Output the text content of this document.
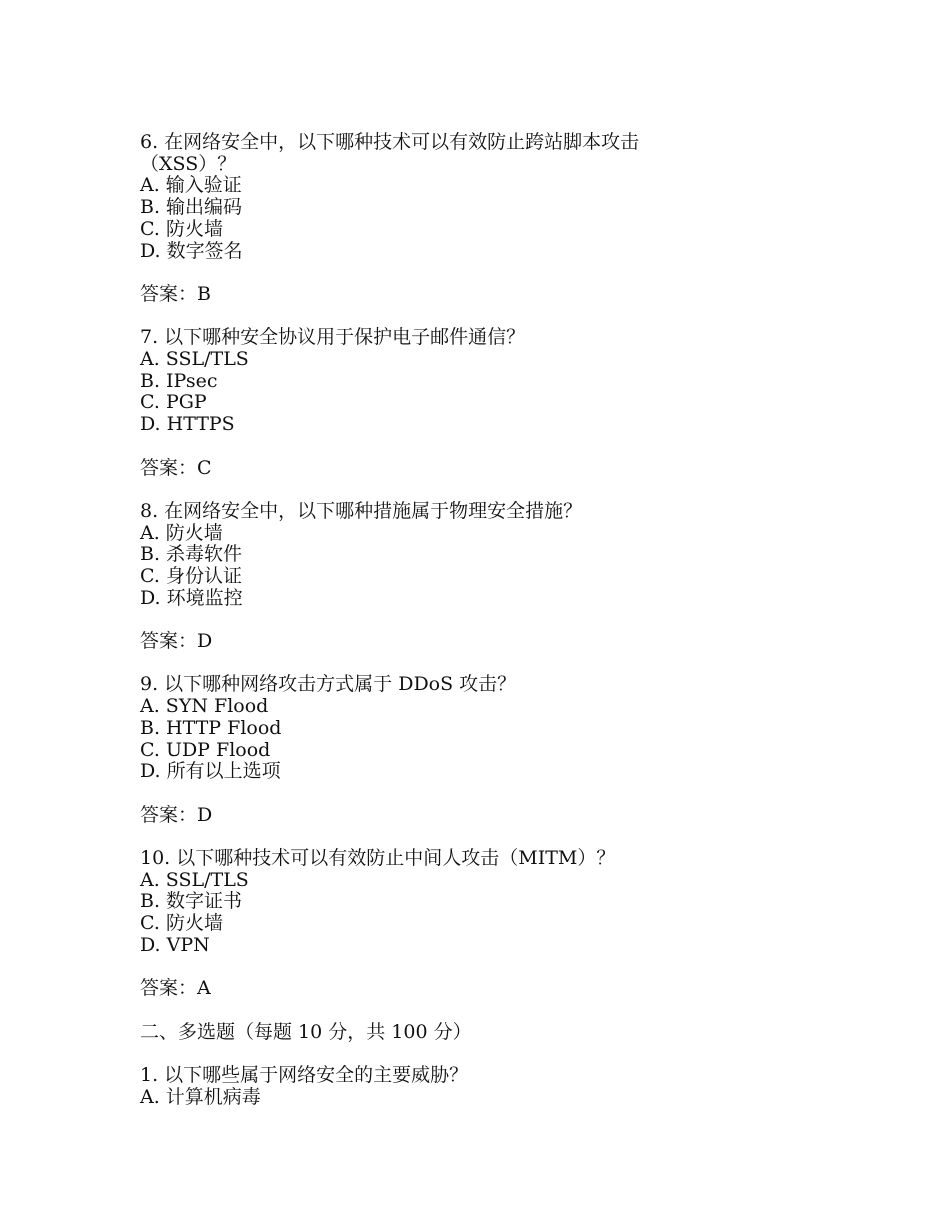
6. 在网络安全中，以下哪种技术可以有效防止跨站脚本攻击
（XSS）？
A. 输入验证
B. 输出编码
C. 防火墙
D. 数字签名
答案：B
7. 以下哪种安全协议用于保护电子邮件通信？
A. SSL/TLS
B. IPsec
C. PGP
D. HTTPS
答案：C
8. 在网络安全中，以下哪种措施属于物理安全措施？
A. 防火墙
B. 杀毒软件
C. 身份认证
D. 环境监控
答案：D
9. 以下哪种网络攻击方式属于 DDoS 攻击？
A. SYN Flood
B. HTTP Flood
C. UDP Flood
D. 所有以上选项
答案：D
10. 以下哪种技术可以有效防止中间人攻击（MITM）？
A. SSL/TLS
B. 数字证书
C. 防火墙
D. VPN
答案：A
二、多选题（每题 10 分，共 100 分）
1. 以下哪些属于网络安全的主要威胁？
A. 计算机病毒
